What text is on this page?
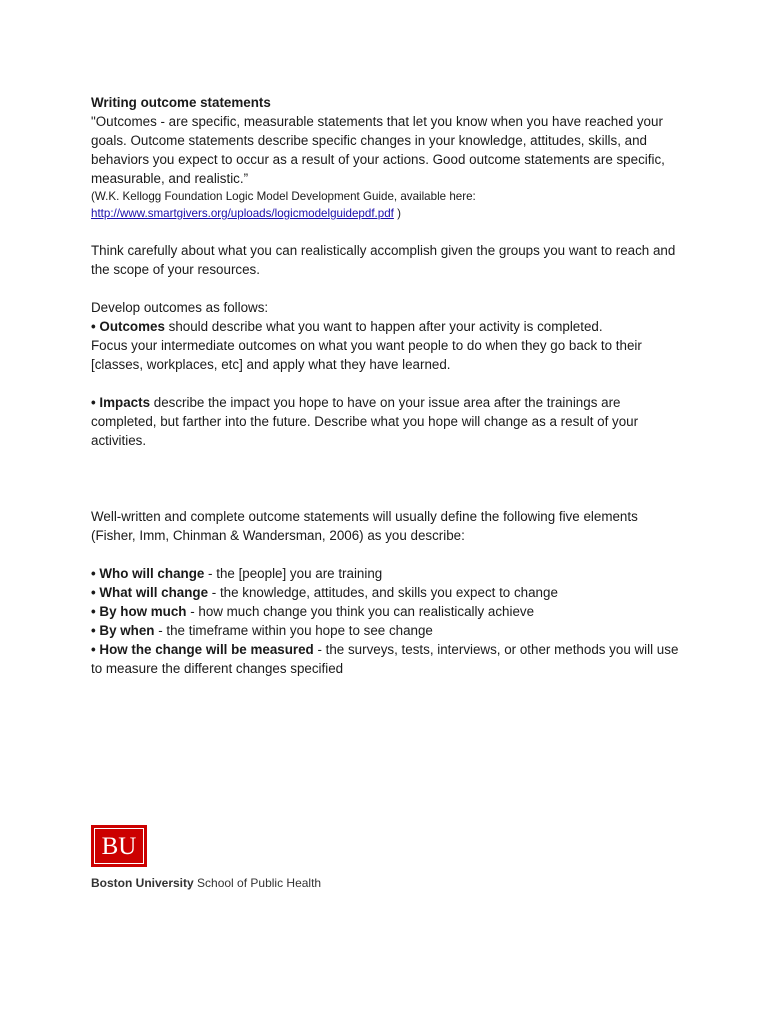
Writing outcome statements

"Outcomes - are specific, measurable statements that let you know when you have reached your goals. Outcome statements describe specific changes in your knowledge, attitudes, skills, and behaviors you expect to occur as a result of your actions. Good outcome statements are specific, measurable, and realistic.”

(W.K. Kellogg Foundation Logic Model Development Guide, available here:
http://www.smartgivers.org/uploads/logicmodelguidepdf.pdf )

Think carefully about what you can realistically accomplish given the groups you want to reach and the scope of your resources.

Develop outcomes as follows:

• Outcomes should describe what you want to happen after your activity is completed.

Focus your intermediate outcomes on what you want people to do when they go back to their [classes, workplaces, etc] and apply what they have learned.

• Impacts describe the impact you hope to have on your issue area after the trainings are completed, but farther into the future. Describe what you hope will change as a result of your activities.

Well-written and complete outcome statements will usually define the following five elements (Fisher, Imm, Chinman & Wandersman, 2006) as you describe:

• Who will change - the [people] you are training

• What will change - the knowledge, attitudes, and skills you expect to change

• By how much - how much change you think you can realistically achieve

• By when - the timeframe within you hope to see change

• How the change will be measured - the surveys, tests, interviews, or other methods you will use to measure the different changes specified

BU
Boston University School of Public Health
